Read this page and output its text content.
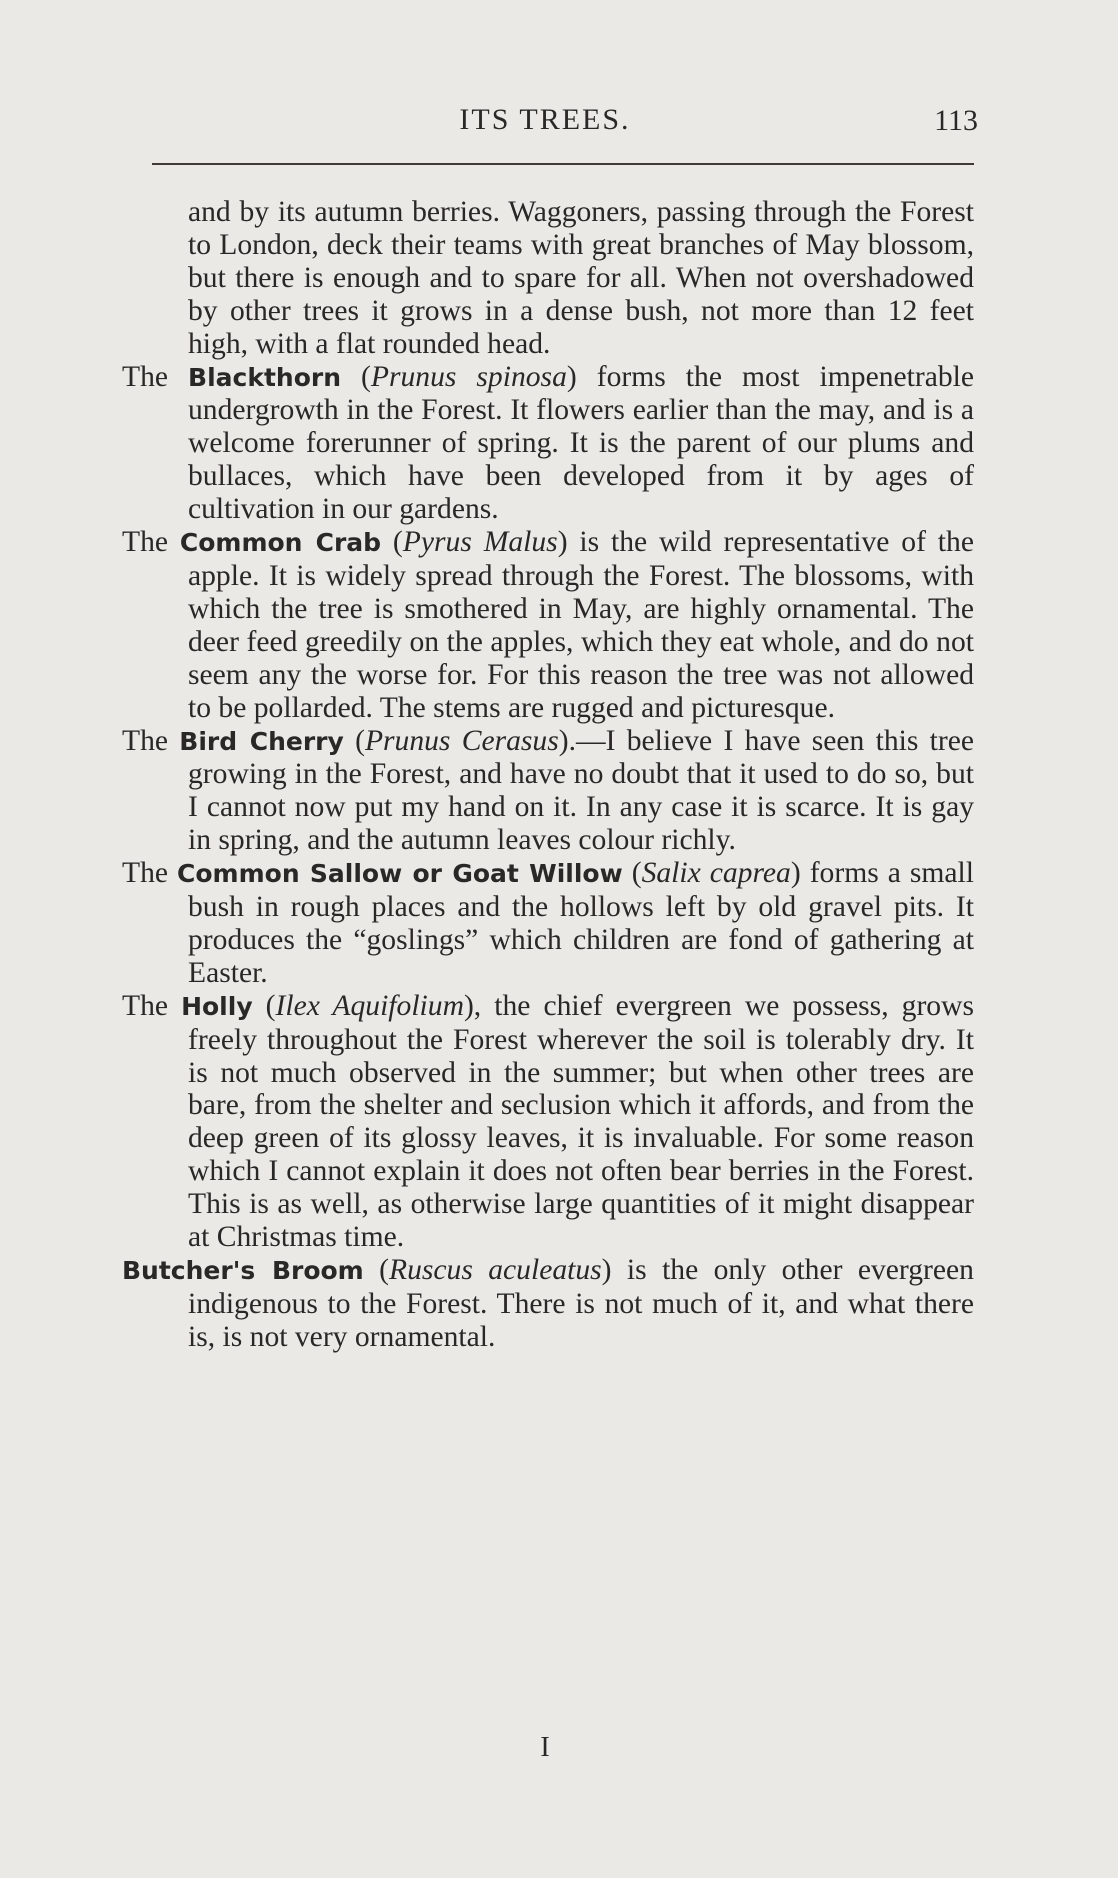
ITS TREES.	113

and by its autumn berries. Waggoners, passing through the Forest to London, deck their teams with great branches of May blossom, but there is enough and to spare for all. When not overshadowed by other trees it grows in a dense bush, not more than 12 feet high, with a flat rounded head.

The Blackthorn (Prunus spinosa) forms the most impenetrable undergrowth in the Forest. It flowers earlier than the may, and is a welcome forerunner of spring. It is the parent of our plums and bullaces, which have been developed from it by ages of cultivation in our gardens.

The Common Crab (Pyrus Malus) is the wild representative of the apple. It is widely spread through the Forest. The blossoms, with which the tree is smothered in May, are highly ornamental. The deer feed greedily on the apples, which they eat whole, and do not seem any the worse for. For this reason the tree was not allowed to be pollarded. The stems are rugged and picturesque.

The Bird Cherry (Prunus Cerasus).—I believe I have seen this tree growing in the Forest, and have no doubt that it used to do so, but I cannot now put my hand on it. In any case it is scarce. It is gay in spring, and the autumn leaves colour richly.

The Common Sallow or Goat Willow (Salix caprea) forms a small bush in rough places and the hollows left by old gravel pits. It produces the “goslings” which children are fond of gathering at Easter.

The Holly (Ilex Aquifolium), the chief evergreen we possess, grows freely throughout the Forest wherever the soil is tolerably dry. It is not much observed in the summer; but when other trees are bare, from the shelter and seclusion which it affords, and from the deep green of its glossy leaves, it is invaluable. For some reason which I cannot explain it does not often bear berries in the Forest. This is as well, as otherwise large quantities of it might disappear at Christmas time.

Butcher's Broom (Ruscus aculeatus) is the only other evergreen indigenous to the Forest. There is not much of it, and what there is, is not very ornamental.

I
